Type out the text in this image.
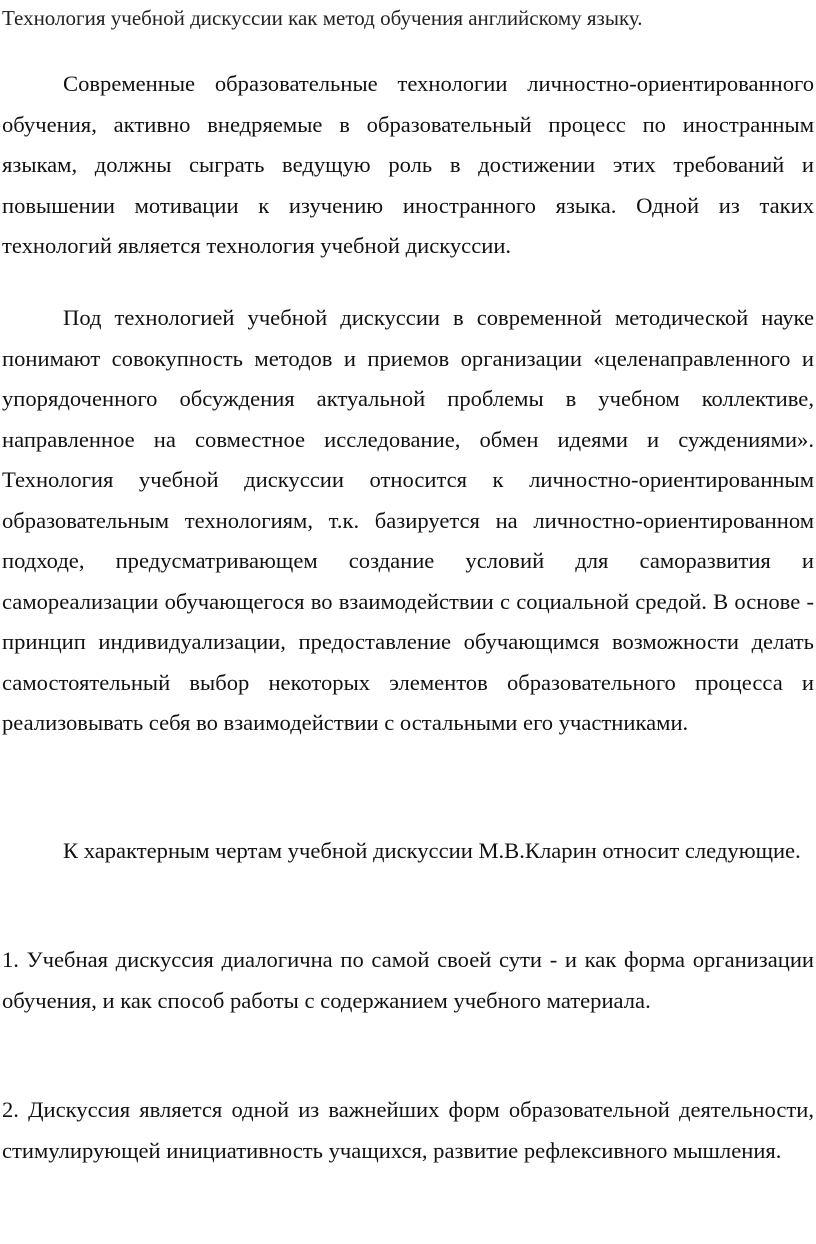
Технология учебной дискуссии как метод обучения английскому языку.

Современные образовательные технологии личностно-ориентированного обучения, активно внедряемые в образовательный процесс по иностранным языкам, должны сыграть ведущую роль в достижении этих требований и повышении мотивации к изучению иностранного языка. Одной из таких технологий является технология учебной дискуссии.

Под технологией учебной дискуссии в современной методической науке понимают совокупность методов и приемов организации «целенаправленного и упорядоченного обсуждения актуальной проблемы в учебном коллективе, направленное на совместное исследование, обмен идеями и суждениями». Технология учебной дискуссии относится к личностно-ориентированным образовательным технологиям, т.к. базируется на личностно-ориентированном подходе, предусматривающем создание условий для саморазвития и самореализации обучающегося во взаимодействии с социальной средой. В основе - принцип индивидуализации, предоставление обучающимся возможности делать самостоятельный выбор некоторых элементов образовательного процесса и реализовывать себя во взаимодействии с остальными его участниками.

К характерным чертам учебной дискуссии М.В.Кларин относит следующие.

1. Учебная дискуссия диалогична по самой своей сути - и как форма организации обучения, и как способ работы с содержанием учебного материала.

2. Дискуссия является одной из важнейших форм образовательной деятельности, стимулирующей инициативность учащихся, развитие рефлексивного мышления.
